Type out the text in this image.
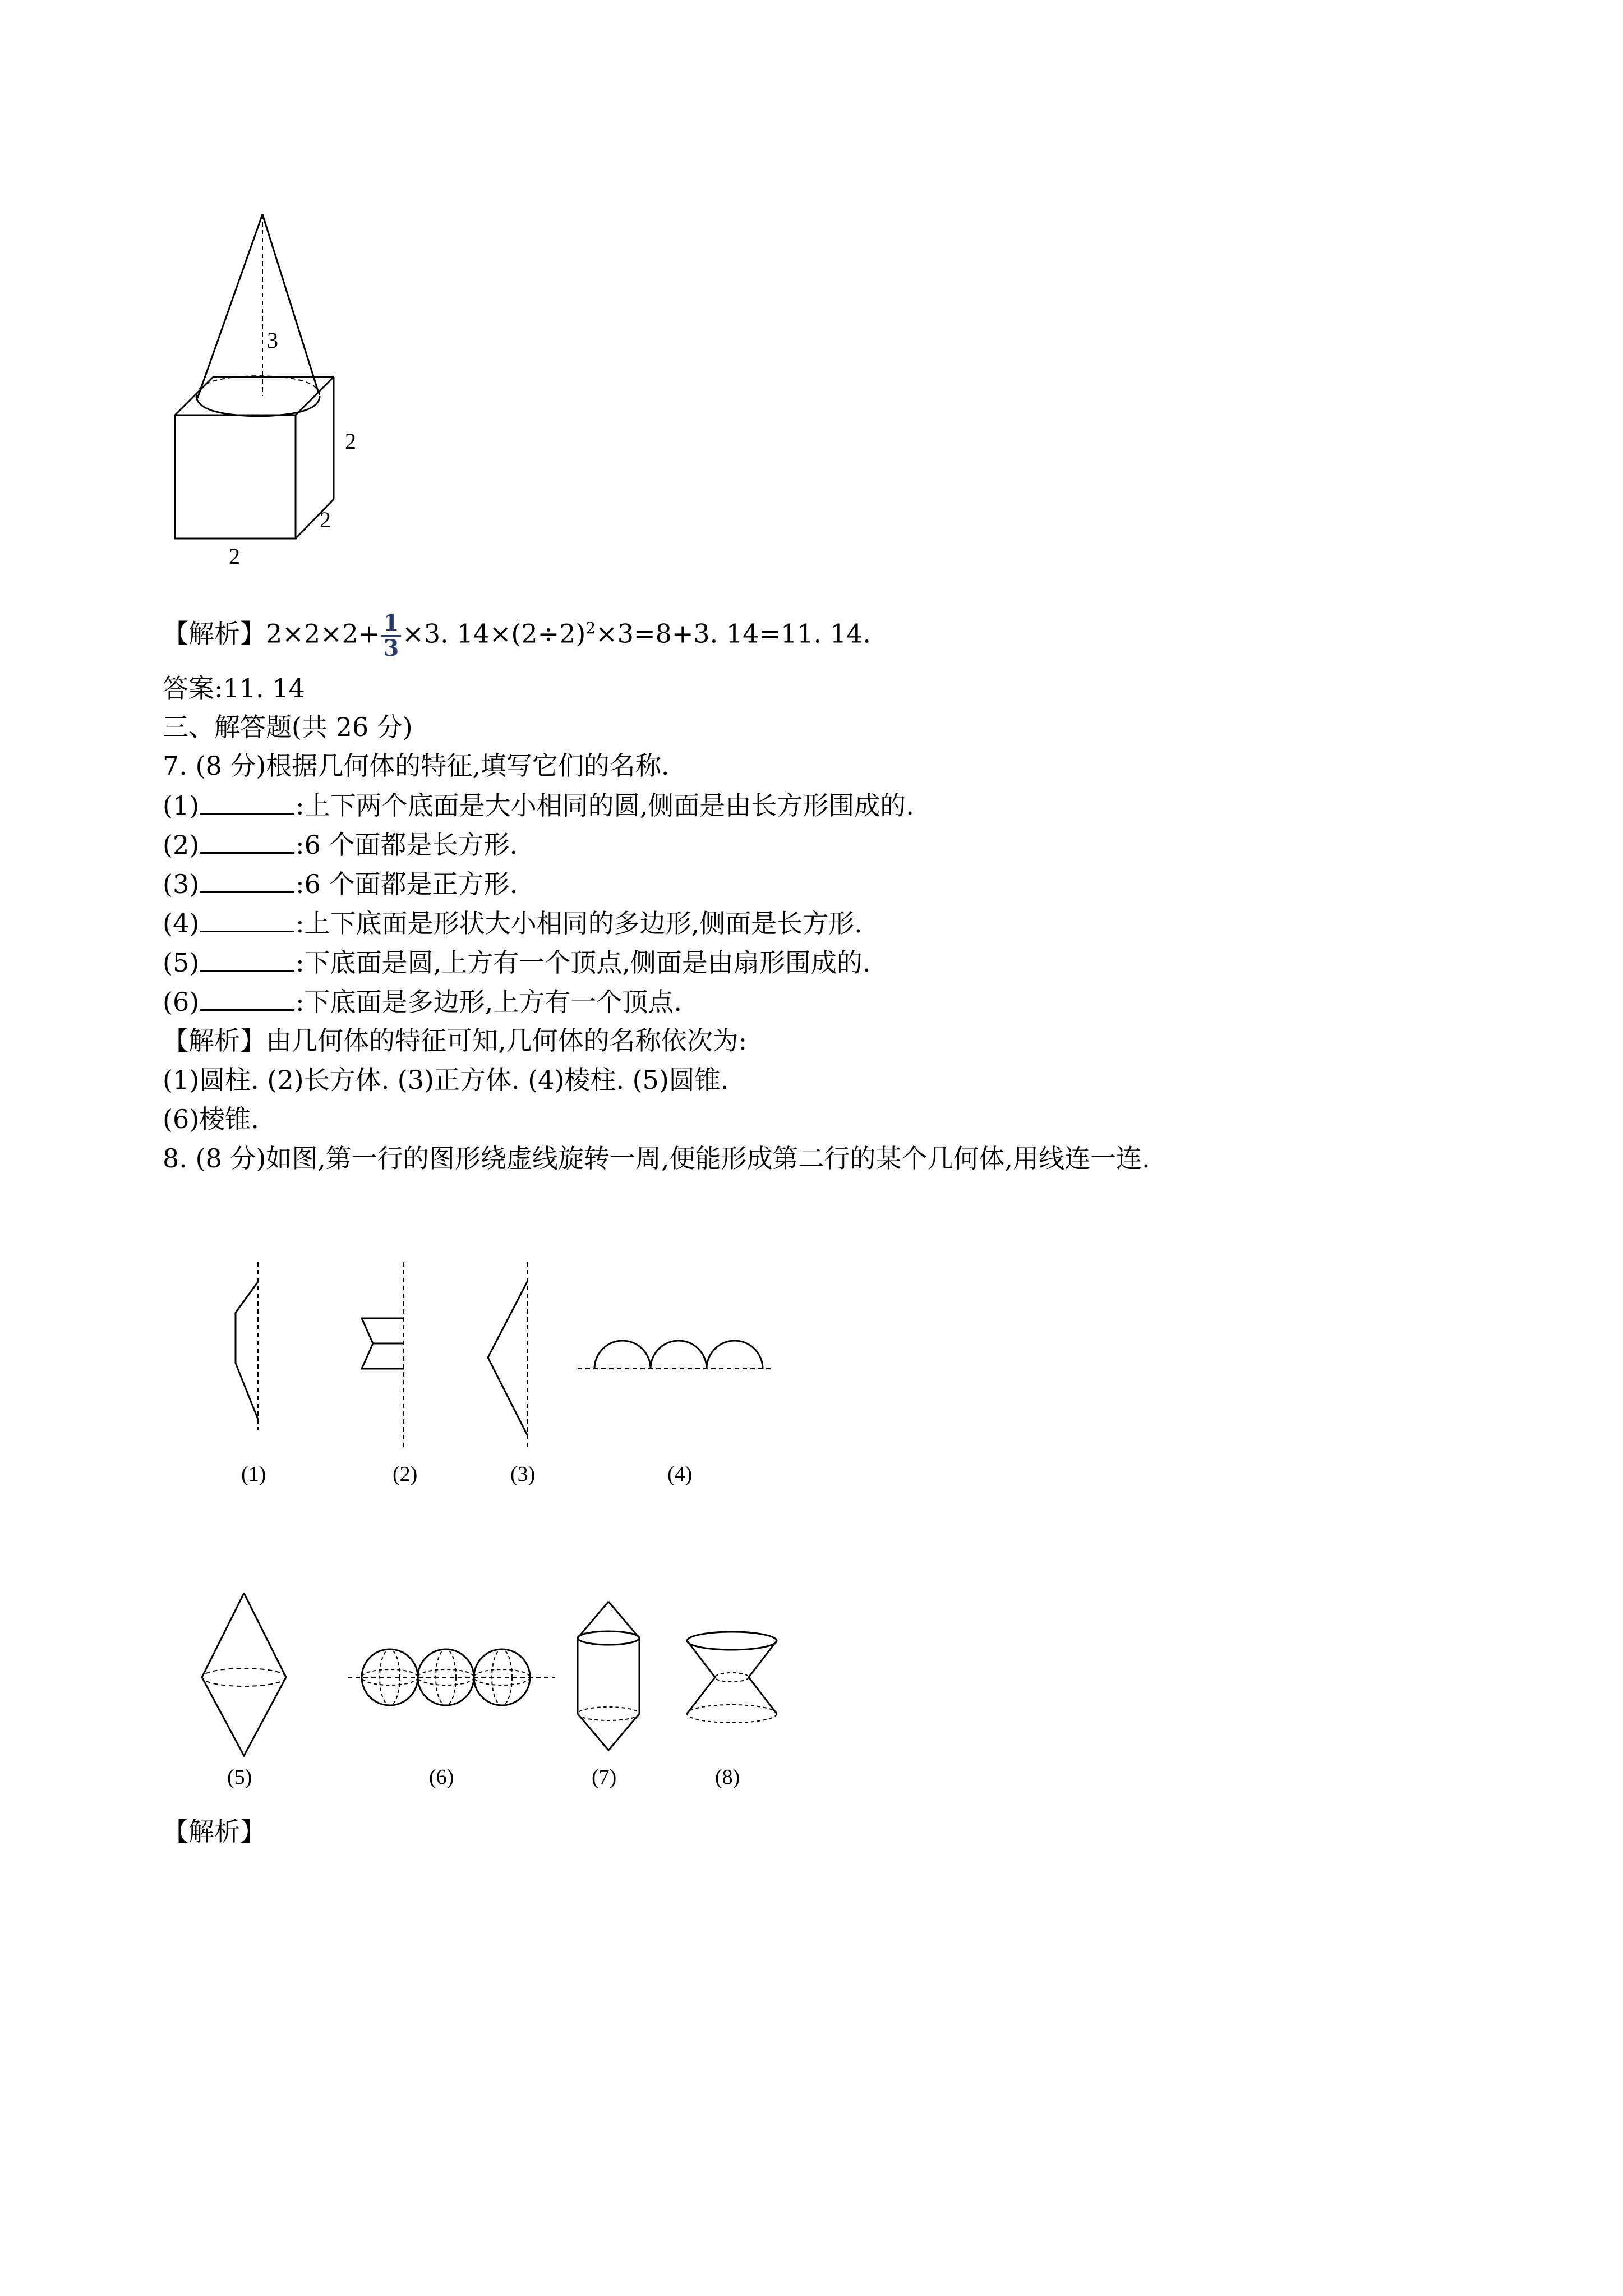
3
2
2
2
【解析】$2\times 2\times 2+ \frac{1}{3} \times 3$. $14\times(2\div 2)^2\times 3=8+3$. 14=11. 14.
答案:11. 14
三、解答题(共 26 分)
7. (8 分)根据几何体的特征,填写它们的名称.
(1)	:上下两个底面是大小相同的圆,侧面是由长方形围成的.
(2)	:6 个面都是长方形.
(3)	:6 个面都是正方形.
(4)	:上下底面是形状大小相同的多边形,侧面是长方形.
(5)	:下底面是圆,上方有一个顶点,侧面是由扇形围成的.
(6)	:下底面是多边形,上方有一个顶点.
【解析】由几何体的特征可知,几何体的名称依次为:
(1)圆柱. (2)长方体. (3)正方体. (4)棱柱. (5)圆锥.
(6)棱锥.
8. (8 分)如图,第一行的图形绕虚线旋转一周,便能形成第二行的某个几何体,用线连一连.
(1)	(2)	(3)	(4)
(5)	(6)	(7)	(8)
【解析】
